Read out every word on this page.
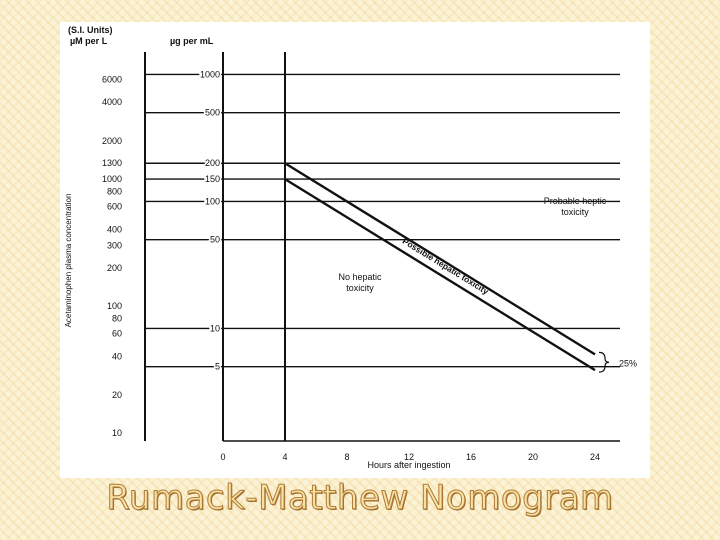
(S.I. Units)
µM per L	µg per mL
6000
4000
2000
1300
1000
800
600
400
300
200
100
80
60
40
20
10
1000
500
200
150
100
50
10
5
0	4	8	12	16	20	24
Hours after ingestion
Acetaminophen plasma concentration	Possible hepatic toxicity
Probable heptic
toxicity
No hepatic
toxicity
25%
Rumack-Matthew Nomogram
